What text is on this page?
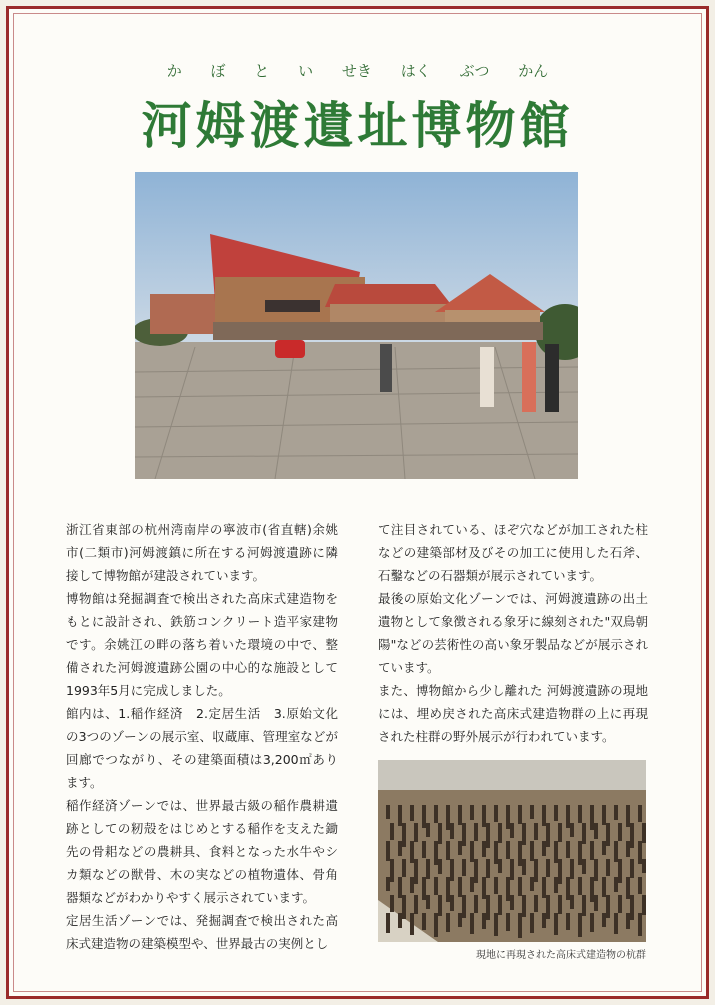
か ぼ と い せき はく ぶつ かん
河姆渡遺址博物館

浙江省東部の杭州湾南岸の寧波市(省直轄)余姚市(二類市)河姆渡鎮に所在する河姆渡遺跡に隣接して博物館が建設されています。

博物館は発掘調査で検出された高床式建造物をもとに設計され、鉄筋コンクリート造平家建物です。余姚江の畔の落ち着いた環境の中で、整備された河姆渡遺跡公園の中心的な施設として1993年5月に完成しました。

館内は、1.稲作経済　2.定居生活　3.原始文化の3つのゾーンの展示室、収蔵庫、管理室などが回廊でつながり、その建築面積は3,200㎡あります。

稲作経済ゾーンでは、世界最古級の稲作農耕遺跡としての籾殻をはじめとする稲作を支えた鋤先の骨耜などの農耕具、食料となった水牛やシカ類などの獣骨、木の実などの植物遺体、骨角器類などがわかりやすく展示されています。

定居生活ゾーンでは、発掘調査で検出された高床式建造物の建築模型や、世界最古の実例とし

て注目されている、ほぞ穴などが加工された柱などの建築部材及びその加工に使用した石斧、石鑿などの石器類が展示されています。

最後の原始文化ゾーンでは、河姆渡遺跡の出土遺物として象徴される象牙に線刻された"双鳥朝陽"などの芸術性の高い象牙製品などが展示されています。

また、博物館から少し離れた 河姆渡遺跡の現地には、埋め戻された高床式建造物群の上に再現された柱群の野外展示が行われています。

現地に再現された高床式建造物の杭群
